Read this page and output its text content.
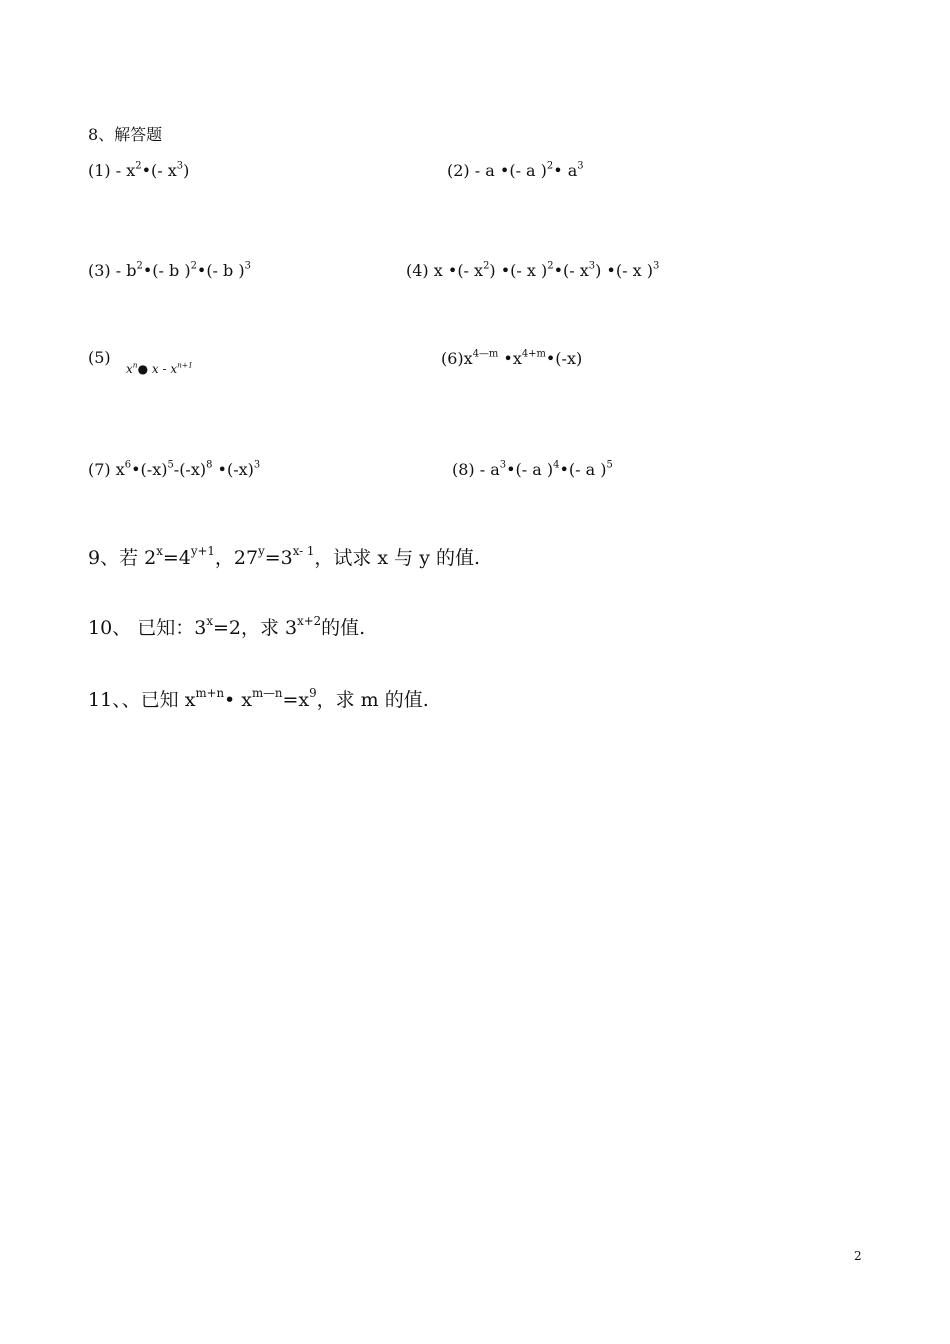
8、解答题
$(1) - x^2•(-$ $x^3$)	(2) - a •(- a )$^2$• $a^3$
$(3) - b^2•(-$ b )$^2$•(- b )$^3$	(4) x •(- $x^2$) •(- x )$^2$•(- $x^3$) •(- x )$^3$
(5)
$x^n●$ x - $x^{n+1}$	$(6)x^{4—m}$ $•x^{4+m}•(-x)$
(7) $x^6•(-x)^5-(-x)^8$ $•(-x)^3$	$(8) - a^3•(-$ a )$^4$•(- a )$^5$
9、若 $2^x=4^{y+1}$，$27^y=3^{x- 1}$，试求 x 与 y 的值.
10、 已知：$3^x=2$，求 $3^{x+2}$的值.
11、、已知 $x^{m+n}•$ $x^{m—n}=x^9$，求 m 的值.
2
